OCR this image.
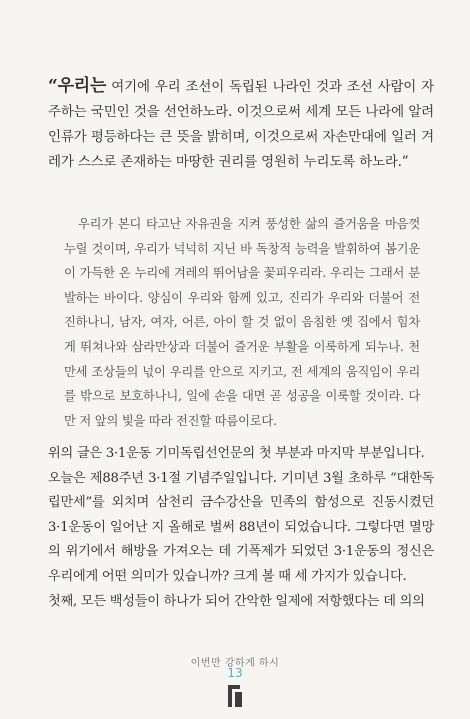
“우리는 여기에 우리 조선이 독립된 나라인 것과 조선 사람이 자주하는 국민인 것을 선언하노라. 이것으로써 세계 모든 나라에 알려 인류가 평등하다는 큰 뜻을 밝히며, 이것으로써 자손만대에 일러 겨레가 스스로 존재하는 마땅한 권리를 영원히 누리도록 하노라.”

우리가 본디 타고난 자유권을 지켜 풍성한 삶의 즐거움을 마음껏 누릴 것이며, 우리가 넉넉히 지닌 바 독창적 능력을 발휘하여 봄기운이 가득한 온 누리에 겨레의 뛰어남을 꽃피우리라. 우리는 그래서 분발하는 바이다. 양심이 우리와 함께 있고, 진리가 우리와 더불어 전진하나니, 남자, 여자, 어른, 아이 할 것 없이 음침한 옛 집에서 힘차게 뛰쳐나와 삼라만상과 더불어 즐거운 부활을 이룩하게 되누나. 천만세 조상들의 넋이 우리를 안으로 지키고, 전 세계의 움직임이 우리를 밖으로 보호하나니, 일에 손을 대면 곧 성공을 이룩할 것이라. 다만 저 앞의 빛을 따라 전진할 따름이로다.

위의 글은 3·1운동 기미독립선언문의 첫 부분과 마지막 부분입니다.

오늘은 제88주년 3·1절 기념주일입니다. 기미년 3월 초하루 “대한독립만세”를 외치며 삼천리 금수강산을 민족의 함성으로 진동시켰던 3·1운동이 일어난 지 올해로 벌써 88년이 되었습니다. 그렇다면 멸망의 위기에서 해방을 가져오는 데 기폭제가 되었던 3·1운동의 정신은 우리에게 어떤 의미가 있습니까? 크게 볼 때 세 가지가 있습니다.

첫째, 모든 백성들이 하나가 되어 간악한 일제에 저항했다는 데 의의

이번만 강하게 하시
13
